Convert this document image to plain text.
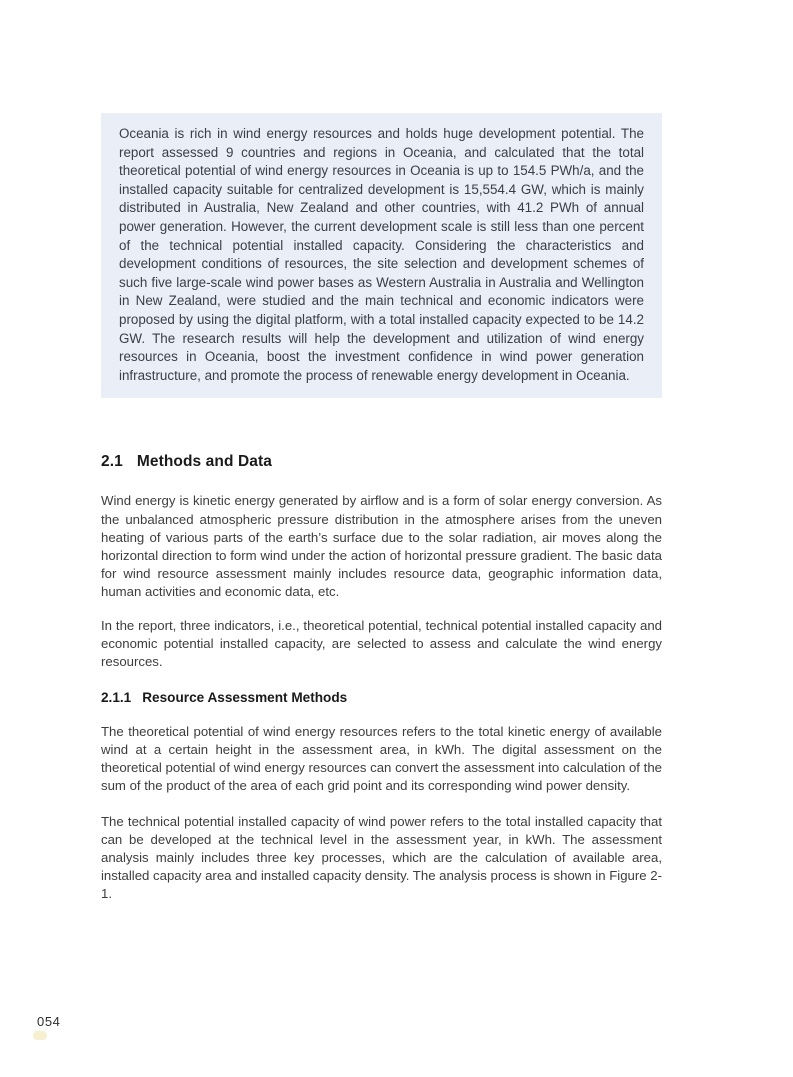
Oceania is rich in wind energy resources and holds huge development potential. The report assessed 9 countries and regions in Oceania, and calculated that the total theoretical potential of wind energy resources in Oceania is up to 154.5 PWh/a, and the installed capacity suitable for centralized development is 15,554.4 GW, which is mainly distributed in Australia, New Zealand and other countries, with 41.2 PWh of annual power generation. However, the current development scale is still less than one percent of the technical potential installed capacity. Considering the characteristics and development conditions of resources, the site selection and development schemes of such five large-scale wind power bases as Western Australia in Australia and Wellington in New Zealand, were studied and the main technical and economic indicators were proposed by using the digital platform, with a total installed capacity expected to be 14.2 GW. The research results will help the development and utilization of wind energy resources in Oceania, boost the investment confidence in wind power generation infrastructure, and promote the process of renewable energy development in Oceania.

2.1 Methods and Data

Wind energy is kinetic energy generated by airflow and is a form of solar energy conversion. As the unbalanced atmospheric pressure distribution in the atmosphere arises from the uneven heating of various parts of the earth’s surface due to the solar radiation, air moves along the horizontal direction to form wind under the action of horizontal pressure gradient. The basic data for wind resource assessment mainly includes resource data, geographic information data, human activities and economic data, etc.

In the report, three indicators, i.e., theoretical potential, technical potential installed capacity and economic potential installed capacity, are selected to assess and calculate the wind energy resources.

2.1.1 Resource Assessment Methods

The theoretical potential of wind energy resources refers to the total kinetic energy of available wind at a certain height in the assessment area, in kWh. The digital assessment on the theoretical potential of wind energy resources can convert the assessment into calculation of the sum of the product of the area of each grid point and its corresponding wind power density.

The technical potential installed capacity of wind power refers to the total installed capacity that can be developed at the technical level in the assessment year, in kWh. The assessment analysis mainly includes three key processes, which are the calculation of available area, installed capacity area and installed capacity density. The analysis process is shown in Figure 2-1.

054
